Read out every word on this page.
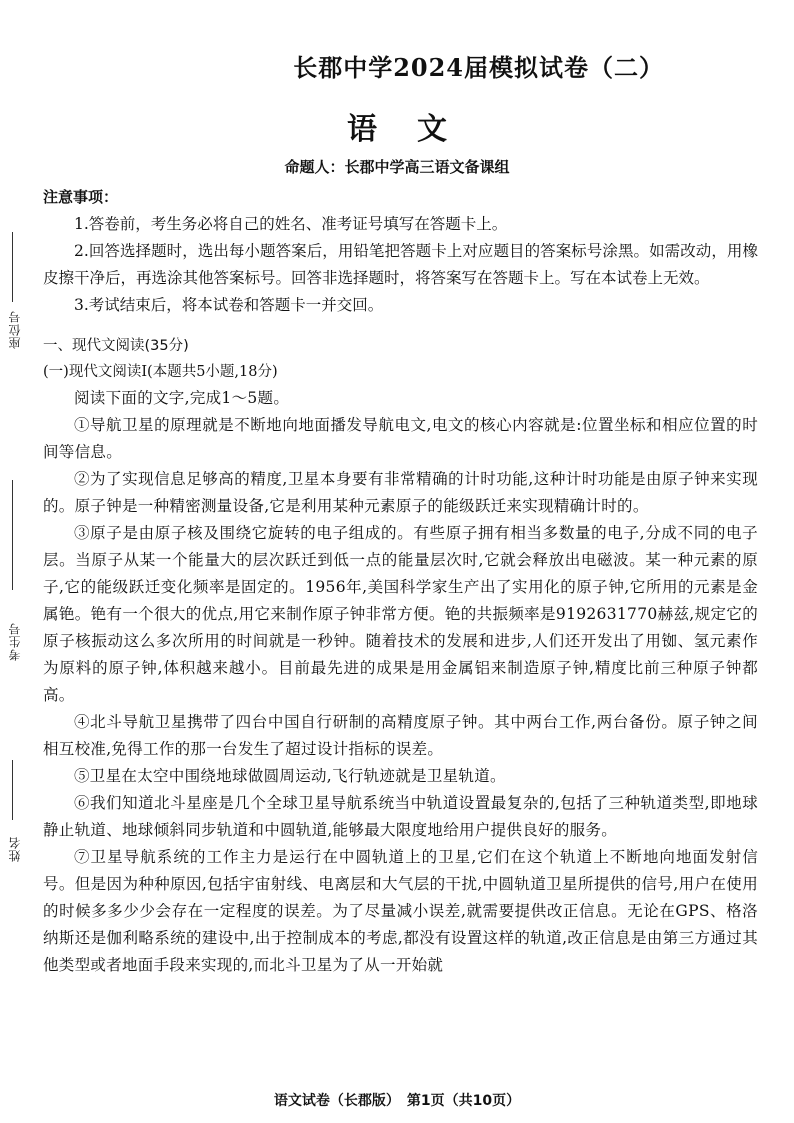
座位号
考生号
姓名
长郡中学2024届模拟试卷（二）
语文
命题人：长郡中学高三语文备课组
注意事项：

1.答卷前，考生务必将自己的姓名、准考证号填写在答题卡上。

2.回答选择题时，选出每小题答案后，用铅笔把答题卡上对应题目的答案标号涂黑。如需改动，用橡皮擦干净后，再选涂其他答案标号。回答非选择题时，将答案写在答题卡上。写在本试卷上无效。

3.考试结束后，将本试卷和答题卡一并交回。

一、现代文阅读(35分)
(一)现代文阅读Ⅰ(本题共5小题,18分)

阅读下面的文字,完成1～5题。

①导航卫星的原理就是不断地向地面播发导航电文,电文的核心内容就是:位置坐标和相应位置的时间等信息。

②为了实现信息足够高的精度,卫星本身要有非常精确的计时功能,这种计时功能是由原子钟来实现的。原子钟是一种精密测量设备,它是利用某种元素原子的能级跃迁来实现精确计时的。

③原子是由原子核及围绕它旋转的电子组成的。有些原子拥有相当多数量的电子,分成不同的电子层。当原子从某一个能量大的层次跃迁到低一点的能量层次时,它就会释放出电磁波。某一种元素的原子,它的能级跃迁变化频率是固定的。1956年,美国科学家生产出了实用化的原子钟,它所用的元素是金属铯。铯有一个很大的优点,用它来制作原子钟非常方便。铯的共振频率是9192631770赫兹,规定它的原子核振动这么多次所用的时间就是一秒钟。随着技术的发展和进步,人们还开发出了用铷、氢元素作为原料的原子钟,体积越来越小。目前最先进的成果是用金属铝来制造原子钟,精度比前三种原子钟都高。

④北斗导航卫星携带了四台中国自行研制的高精度原子钟。其中两台工作,两台备份。原子钟之间相互校准,免得工作的那一台发生了超过设计指标的误差。

⑤卫星在太空中围绕地球做圆周运动,飞行轨迹就是卫星轨道。

⑥我们知道北斗星座是几个全球卫星导航系统当中轨道设置最复杂的,包括了三种轨道类型,即地球静止轨道、地球倾斜同步轨道和中圆轨道,能够最大限度地给用户提供良好的服务。

⑦卫星导航系统的工作主力是运行在中圆轨道上的卫星,它们在这个轨道上不断地向地面发射信号。但是因为种种原因,包括宇宙射线、电离层和大气层的干扰,中圆轨道卫星所提供的信号,用户在使用的时候多多少少会存在一定程度的误差。为了尽量减小误差,就需要提供改正信息。无论在GPS、格洛纳斯还是伽利略系统的建设中,出于控制成本的考虑,都没有设置这样的轨道,改正信息是由第三方通过其他类型或者地面手段来实现的,而北斗卫星为了从一开始就

语文试卷（长郡版）　第1页（共10页）
